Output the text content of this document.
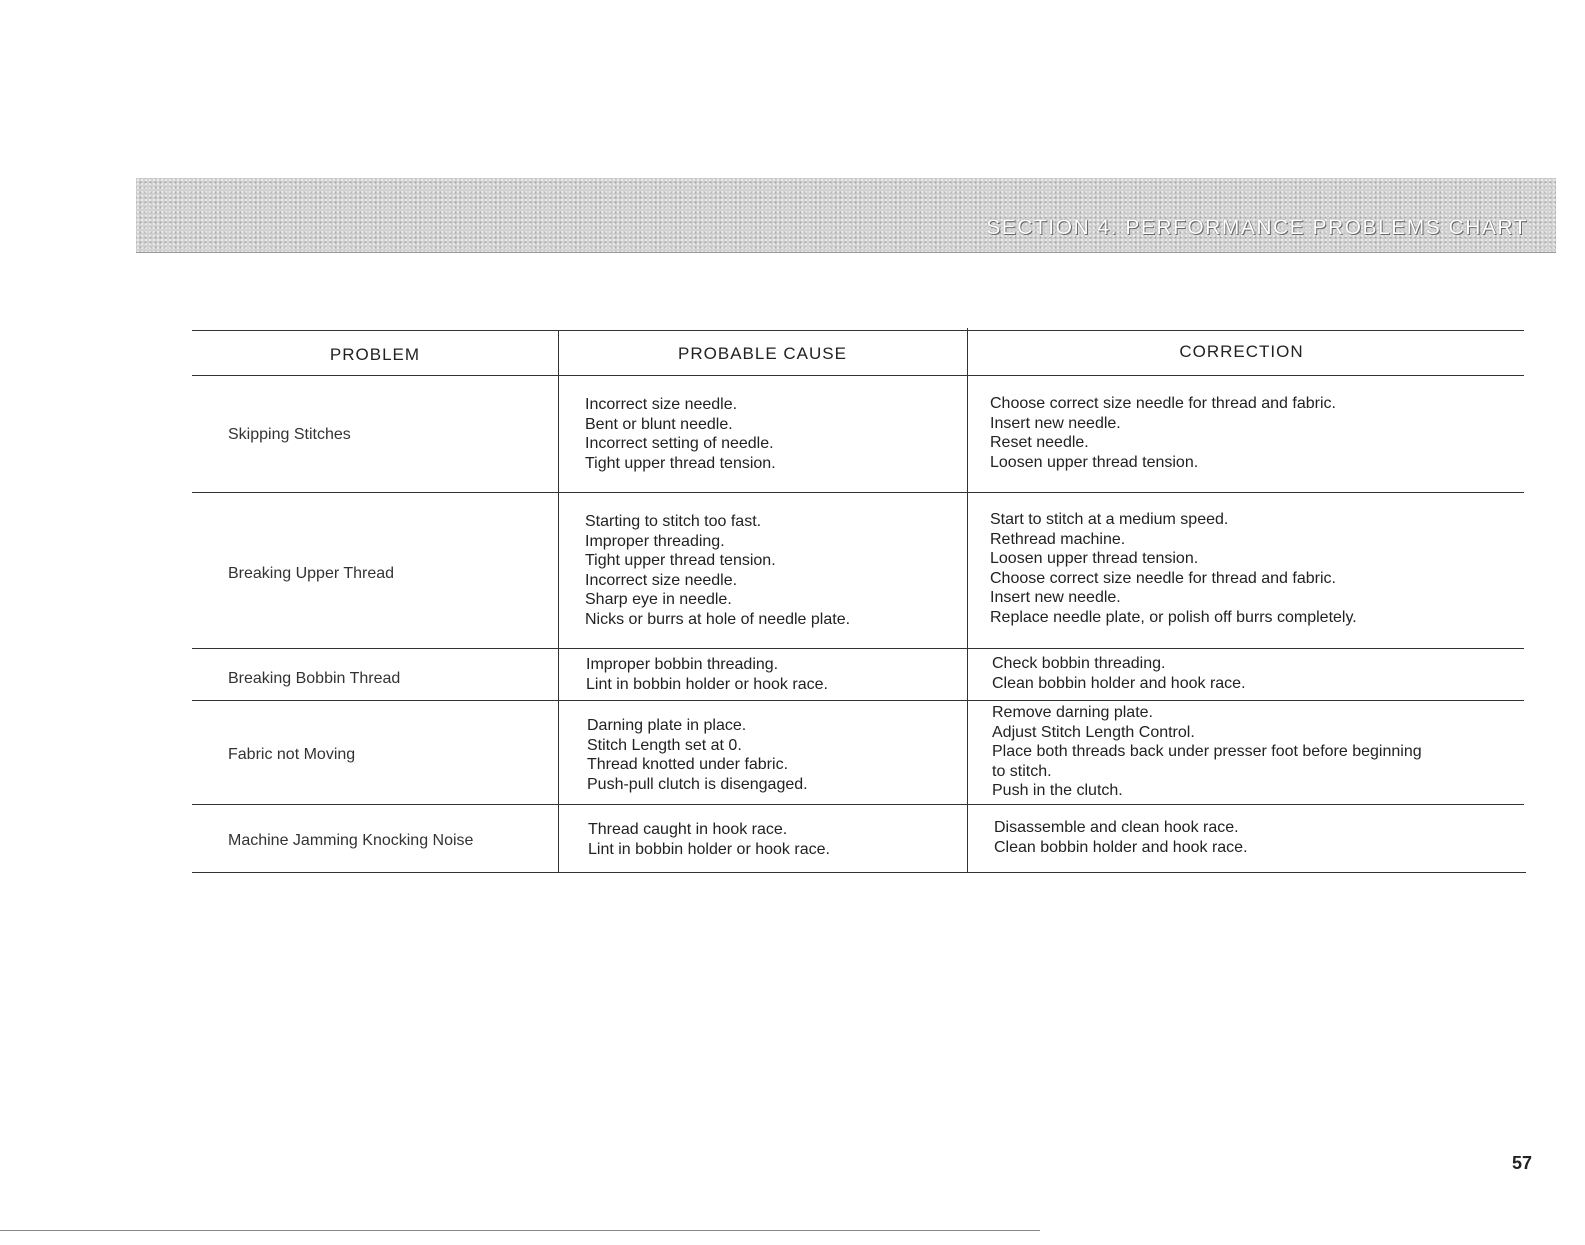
SECTION 4. PERFORMANCE PROBLEMS CHART
PROBLEM	PROBABLE CAUSE	CORRECTION
Skipping Stitches
Incorrect size needle.
Bent or blunt needle.
Incorrect setting of needle.
Tight upper thread tension.
Choose correct size needle for thread and fabric.
Insert new needle.
Reset needle.
Loosen upper thread tension.
Breaking Upper Thread
Starting to stitch too fast.
Improper threading.
Tight upper thread tension.
Incorrect size needle.
Sharp eye in needle.
Nicks or burrs at hole of needle plate.
Start to stitch at a medium speed.
Rethread machine.
Loosen upper thread tension.
Choose correct size needle for thread and fabric.
Insert new needle.
Replace needle plate, or polish off burrs completely.
Breaking Bobbin Thread
Improper bobbin threading.
Lint in bobbin holder or hook race.
Check bobbin threading.
Clean bobbin holder and hook race.
Fabric not Moving
Darning plate in place.
Stitch Length set at 0.
Thread knotted under fabric.
Push-pull clutch is disengaged.
Remove darning plate.
Adjust Stitch Length Control.
Place both threads back under presser foot before beginning
to stitch.
Push in the clutch.
Machine Jamming Knocking Noise
Thread caught in hook race.
Lint in bobbin holder or hook race.
Disassemble and clean hook race.
Clean bobbin holder and hook race.
57
